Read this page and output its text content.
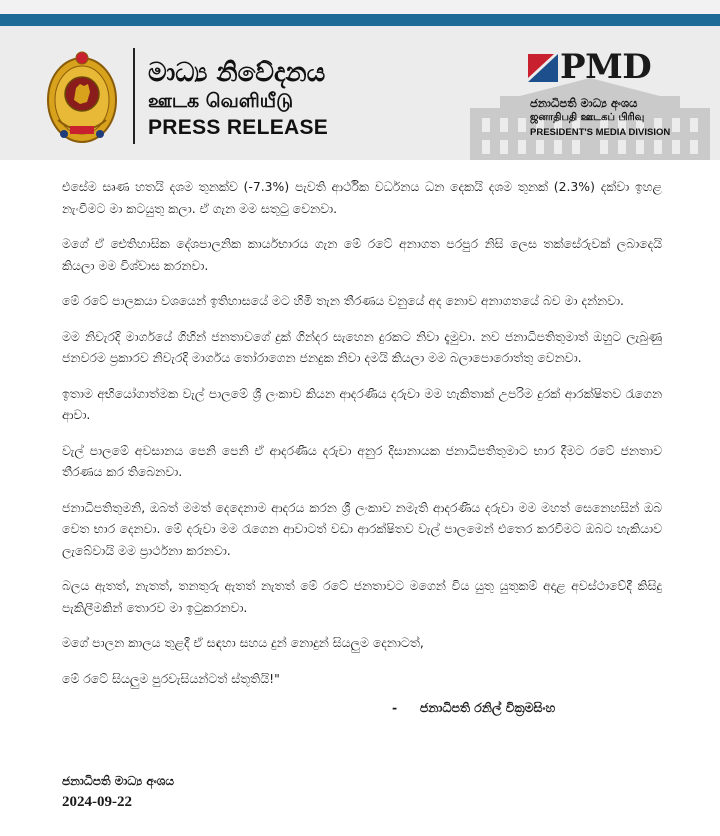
මාධ්‍ය නිවේදනය
ஊடக வெளியீடு
PRESS RELEASE
PMD
ජනාධිපති මාධ්‍ය අංශය
ஜனாதிபதி ஊடகப் பிரிவு
PRESIDENT'S MEDIA DIVISION

එසේම සෘණ හතයි දශම තුනක්ව (-7.3%) පැවති ආර්ථික වර්ධනය ධන දෙකයි දශම තුනක් (2.3%) දක්වා ඉහළ නැංවීමට මා කටයුතු කලා. ඒ ගැන මම සතුටු වෙනවා.

මගේ ඒ ඓතිහාසික දේශපාලනික කාර්යභාරය ගැන මේ රටේ අනාගත පරපුර නිසි ලෙස තක්සේරුවක් ලබාදෙයි කියලා මම විශ්වාස කරනවා.

මේ රටේ පාලකයා වශයෙන් ඉතිහාසයේ මට හිමි තැන තීරණය වනුයේ අද නොව අනාගතයේ බව මා දන්නවා.

මම නිවැරදි මාර්ගයේ ගිහින් ජනතාවගේ දුක් ගින්දර සැහෙන දුරකට නිවා දැමුවා. නව ජනාධිපතිතුමාත් ඔහුට ලැබුණු ජනවරම ප්‍රකාරව නිවැරදි මාර්ගය තෝරාගෙන ජනදුක නිවා දමයි කියලා මම බලාපොරොත්තු වෙනවා.

ඉතාම අභියෝගාත්මක වැල් පාලමේ ශ්‍රී ලංකාව කියන ආදරණීය දරුවා මම හැකිතාක් උපරිම දුරක් ආරක්ෂිතව රැගෙන ආවා.

වැල් පාලමේ අවසානය පෙනි පෙනි ඒ ආදරණීය දරුවා අනුර දිසානායක ජනාධිපතිතුමාට භාර දීමට රටේ ජනතාව තීරණය කර තිබෙනවා.

ජනාධිපතිතුමනි, ඔබත් මමත් දෙදෙනාම ආදරය කරන ශ්‍රී ලංකාව නමැති ආදරණීය දරුවා මම මහත් සෙනෙහසින් ඔබ වෙත භාර දෙනවා. මේ දරුවා මම රැගෙන ආවාටත් වඩා ආරක්ෂිතව වැල් පාලමෙන් එතෙර කරවීමට ඔබට හැකියාව ලැබේවායි මම ප්‍රාර්ථනා කරනවා.

බලය ඇතත්, නැතත්, තනතුරු ඇතත් නැතත් මේ රටේ ජනතාවට මගෙන් විය යුතු යුතුකම් අදාළ අවස්ථාවේදී කිසිදු පැකිලීමකින් තොරව මා ඉටුකරනවා.

මගේ පාලන කාලය තුළදී ඒ සඳහා සහය දුන් නොදුන් සියලුම දෙනාටත්,

මේ රටේ සියලුම පුරවැසියන්ටත් ස්තූතියි!"

- ජනාධිපති රනිල් වික්‍රමසිංහ
ජනාධිපති මාධ්‍ය අංශය
2024-09-22
